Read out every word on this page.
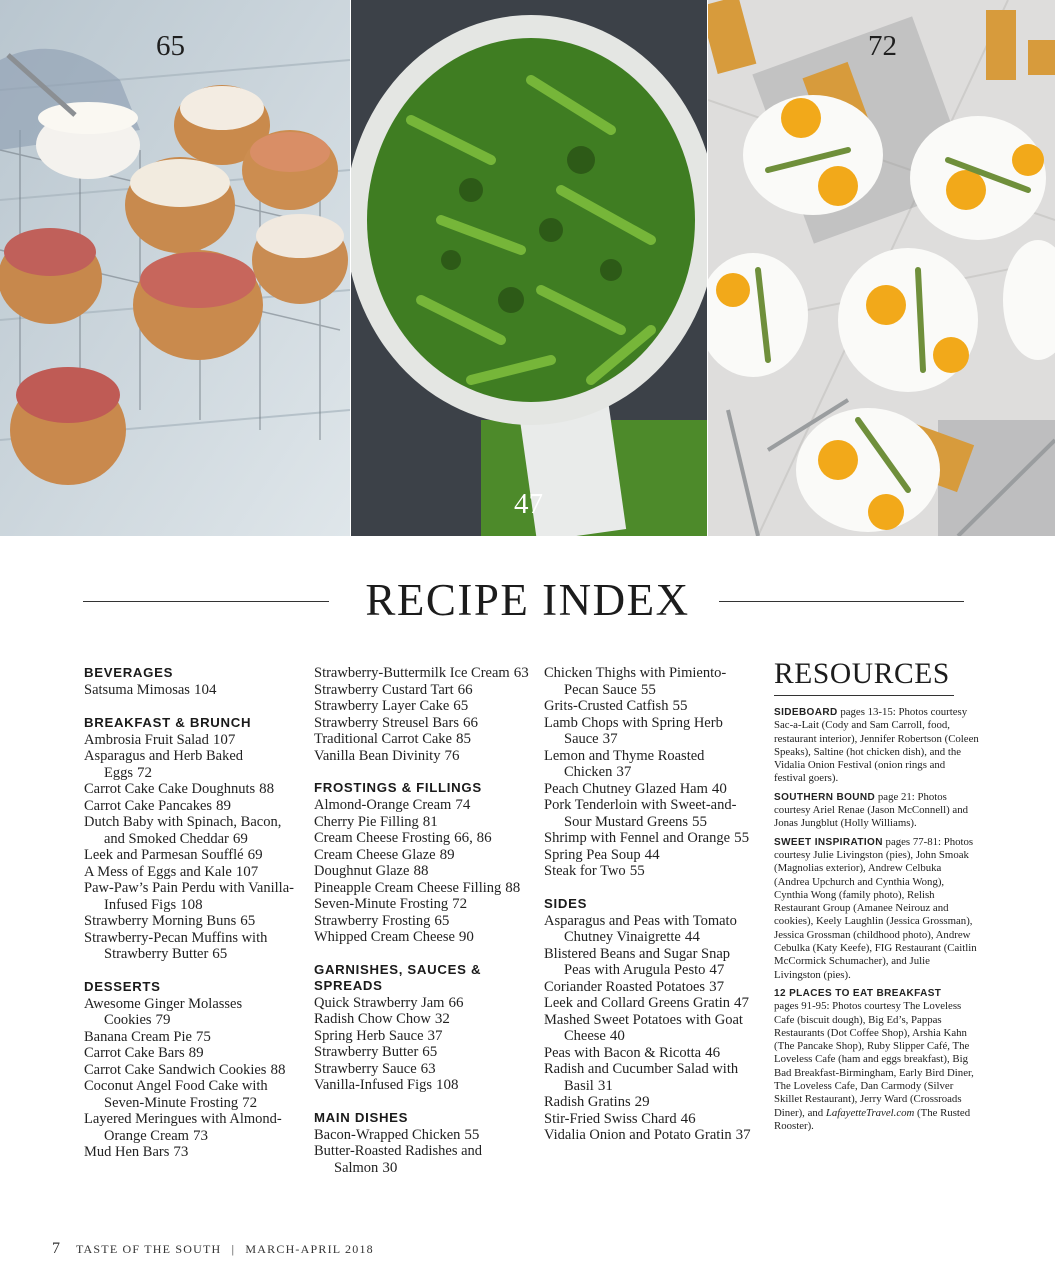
65
47
72
RECIPE INDEX
BEVERAGES
Satsuma Mimosas 104
BREAKFAST & BRUNCH
Ambrosia Fruit Salad 107
Asparagus and Herb Baked Eggs 72
Carrot Cake Cake Doughnuts 88
Carrot Cake Pancakes 89
Dutch Baby with Spinach, Bacon, and Smoked Cheddar 69
Leek and Parmesan Soufflé 69
A Mess of Eggs and Kale 107
Paw-Paw’s Pain Perdu with Vanilla-Infused Figs 108
Strawberry Morning Buns 65
Strawberry-Pecan Muffins with Strawberry Butter 65
DESSERTS
Awesome Ginger Molasses Cookies 79
Banana Cream Pie 75
Carrot Cake Bars 89
Carrot Cake Sandwich Cookies 88
Coconut Angel Food Cake with Seven-Minute Frosting 72
Layered Meringues with Almond-Orange Cream 73
Mud Hen Bars 73
Strawberry-Buttermilk Ice Cream 63
Strawberry Custard Tart 66
Strawberry Layer Cake 65
Strawberry Streusel Bars 66
Traditional Carrot Cake 85
Vanilla Bean Divinity 76
FROSTINGS & FILLINGS
Almond-Orange Cream 74
Cherry Pie Filling 81
Cream Cheese Frosting 66, 86
Cream Cheese Glaze 89
Doughnut Glaze 88
Pineapple Cream Cheese Filling 88
Seven-Minute Frosting 72
Strawberry Frosting 65
Whipped Cream Cheese 90
GARNISHES, SAUCES & SPREADS
Quick Strawberry Jam 66
Radish Chow Chow 32
Spring Herb Sauce 37
Strawberry Butter 65
Strawberry Sauce 63
Vanilla-Infused Figs 108
MAIN DISHES
Bacon-Wrapped Chicken 55
Butter-Roasted Radishes and Salmon 30
Chicken Thighs with Pimiento-Pecan Sauce 55
Grits-Crusted Catfish 55
Lamb Chops with Spring Herb Sauce 37
Lemon and Thyme Roasted Chicken 37
Peach Chutney Glazed Ham 40
Pork Tenderloin with Sweet-and-Sour Mustard Greens 55
Shrimp with Fennel and Orange 55
Spring Pea Soup 44
Steak for Two 55
SIDES
Asparagus and Peas with Tomato Chutney Vinaigrette 44
Blistered Beans and Sugar Snap Peas with Arugula Pesto 47
Coriander Roasted Potatoes 37
Leek and Collard Greens Gratin 47
Mashed Sweet Potatoes with Goat Cheese 40
Peas with Bacon & Ricotta 46
Radish and Cucumber Salad with Basil 31
Radish Gratins 29
Stir-Fried Swiss Chard 46
Vidalia Onion and Potato Gratin 37
RESOURCES
SIDEBOARD pages 13-15: Photos courtesy Sac-a-Lait (Cody and Sam Carroll, food, restaurant interior), Jennifer Robertson (Coleen Speaks), Saltine (hot chicken dish), and the Vidalia Onion Festival (onion rings and festival goers).
SOUTHERN BOUND page 21: Photos courtesy Ariel Renae (Jason McConnell) and Jonas Jungblut (Holly Williams).
SWEET INSPIRATION pages 77-81: Photos courtesy Julie Livingston (pies), John Smoak (Magnolias exterior), Andrew Celbuka (Andrea Upchurch and Cynthia Wong), Cynthia Wong (family photo), Relish Restaurant Group (Amanee Neirouz and cookies), Keely Laughlin (Jessica Grossman), Jessica Grossman (childhood photo), Andrew Cebulka (Katy Keefe), FIG Restaurant (Caitlin McCormick Schumacher), and Julie Livingston (pies).
12 PLACES TO EAT BREAKFAST
pages 91-95: Photos courtesy The Loveless Cafe (biscuit dough), Big Ed’s, Pappas Restaurants (Dot Coffee Shop), Arshia Kahn (The Pancake Shop), Ruby Slipper Café, The Loveless Cafe (ham and eggs breakfast), Big Bad Breakfast-Birmingham, Early Bird Diner, The Loveless Cafe, Dan Carmody (Silver Skillet Restaurant), Jerry Ward (Crossroads Diner), and LafayetteTravel.com (The Rusted Rooster).
7 TASTE OF THE SOUTH | MARCH-APRIL 2018
